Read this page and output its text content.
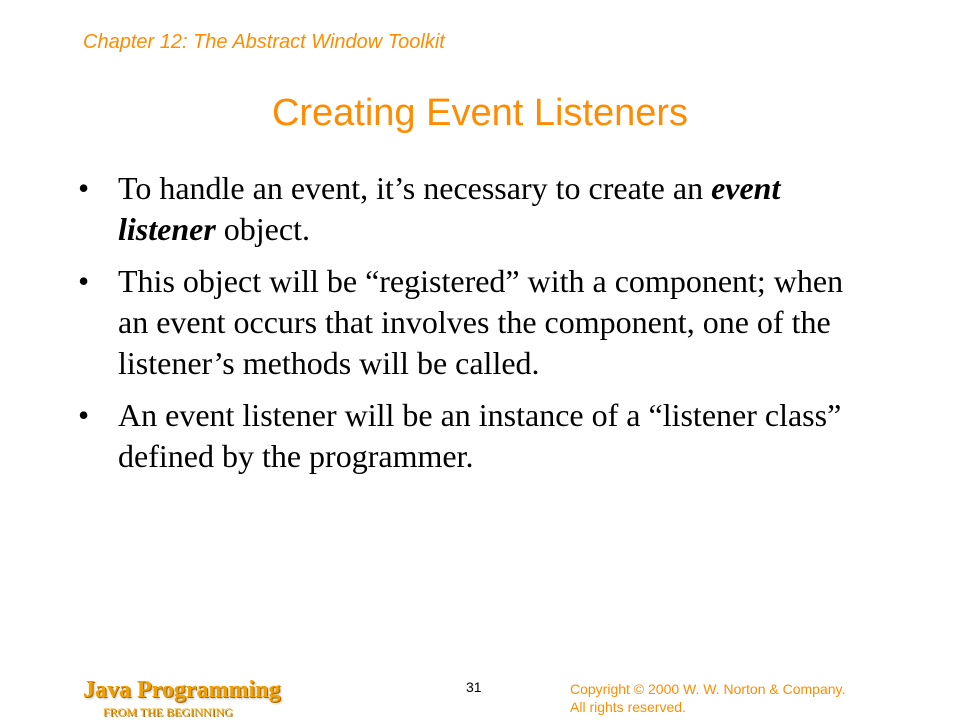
Chapter 12: The Abstract Window Toolkit
Creating Event Listeners
• To handle an event, it’s necessary to create an event listener object.
• This object will be “registered” with a component; when an event occurs that involves the component, one of the listener’s methods will be called.
• An event listener will be an instance of a “listener class” defined by the programmer.
Java Programming
FROM THE BEGINNING
31	Copyright © 2000 W. W. Norton & Company.
All rights reserved.
